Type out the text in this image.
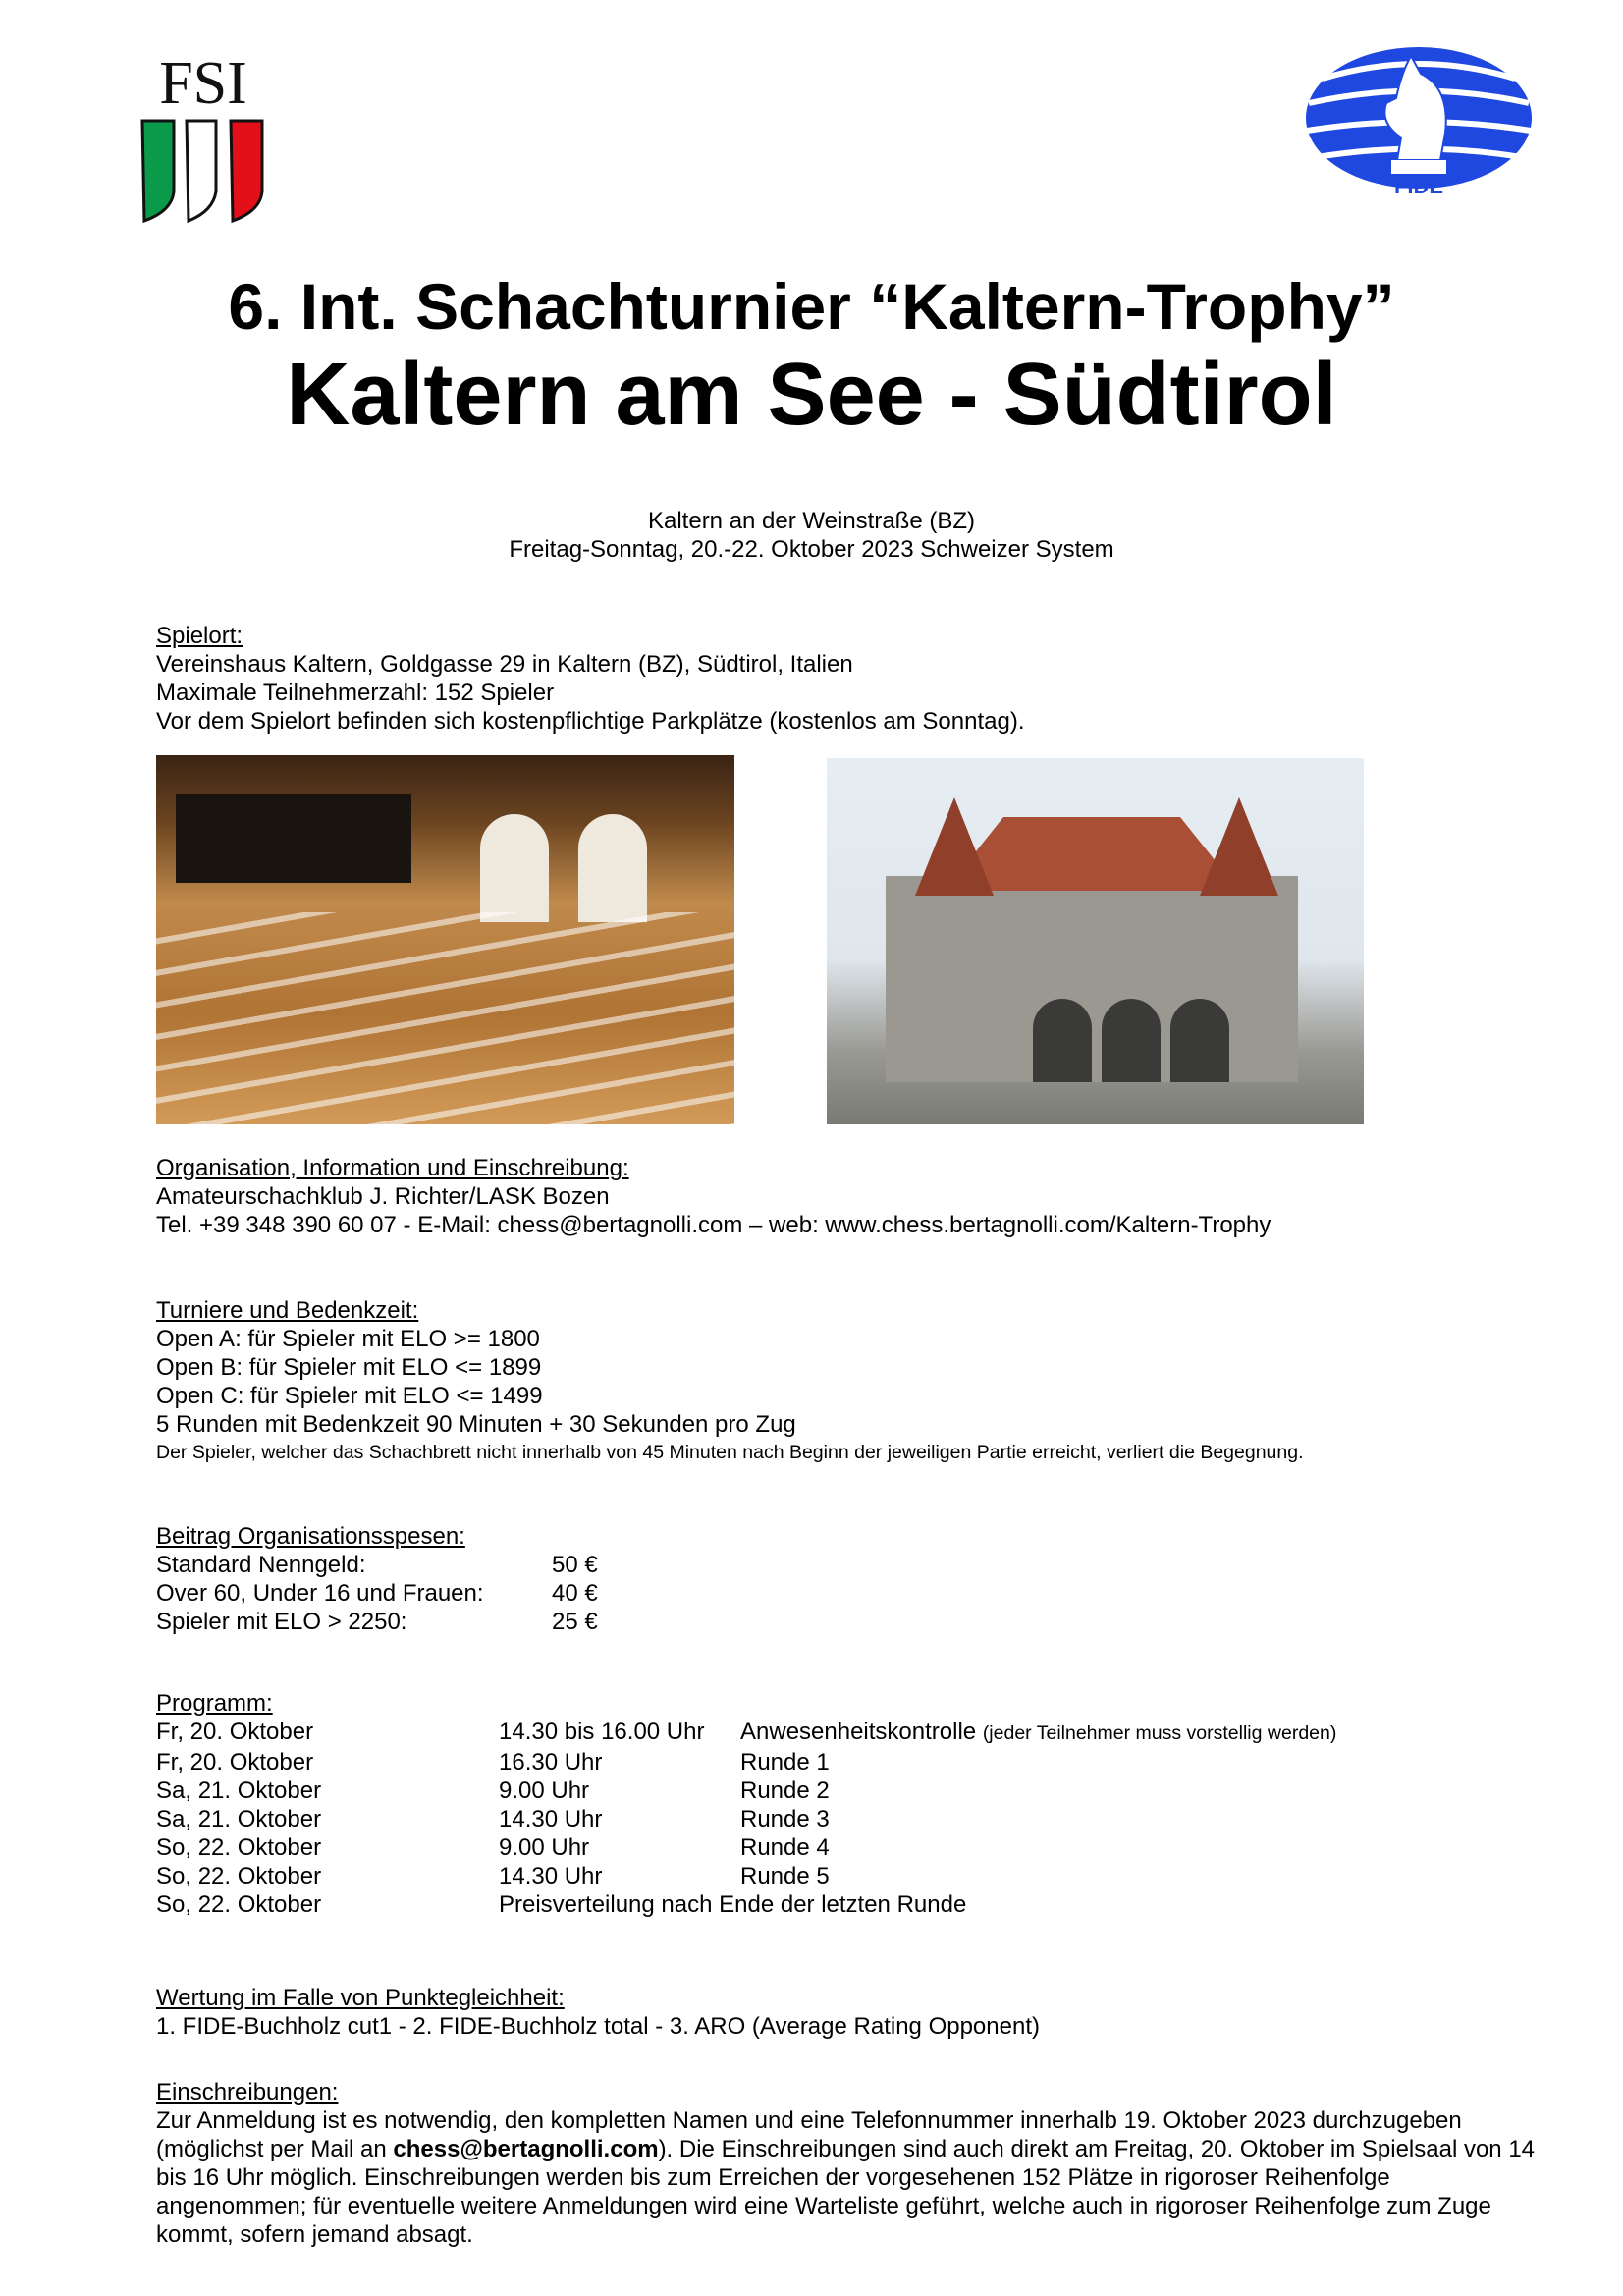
FSI
FIDE
6. Int. Schachturnier “Kaltern-Trophy”
Kaltern am See - Südtirol
Kaltern an der Weinstraße (BZ)
Freitag-Sonntag, 20.-22. Oktober 2023 Schweizer System
Spielort:
Vereinshaus Kaltern, Goldgasse 29 in Kaltern (BZ), Südtirol, Italien
Maximale Teilnehmerzahl: 152 Spieler
Vor dem Spielort befinden sich kostenpflichtige Parkplätze (kostenlos am Sonntag).
Organisation, Information und Einschreibung:
Amateurschachklub J. Richter/LASK Bozen
Tel. +39 348 390 60 07 - E-Mail: chess@bertagnolli.com – web: www.chess.bertagnolli.com/Kaltern-Trophy
Turniere und Bedenkzeit:
Open A: für Spieler mit ELO >= 1800
Open B: für Spieler mit ELO <= 1899
Open C: für Spieler mit ELO <= 1499
5 Runden mit Bedenkzeit 90 Minuten + 30 Sekunden pro Zug
Der Spieler, welcher das Schachbrett nicht innerhalb von 45 Minuten nach Beginn der jeweiligen Partie erreicht, verliert die Begegnung.
Beitrag Organisationsspesen:
Standard Nenngeld:	50 €
Over 60, Under 16 und Frauen:	40 €
Spieler mit ELO > 2250:	25 €
Programm:
Fr, 20. Oktober	14.30 bis 16.00 Uhr	Anwesenheitskontrolle (jeder Teilnehmer muss vorstellig werden)
Fr, 20. Oktober	16.30 Uhr	Runde 1
Sa, 21. Oktober	9.00 Uhr	Runde 2
Sa, 21. Oktober	14.30 Uhr	Runde 3
So, 22. Oktober	9.00 Uhr	Runde 4
So, 22. Oktober	14.30 Uhr	Runde 5
So, 22. Oktober	Preisverteilung nach Ende der letzten Runde
Wertung im Falle von Punktegleichheit:
1. FIDE-Buchholz cut1 - 2. FIDE-Buchholz total - 3. ARO (Average Rating Opponent)
Einschreibungen:
Zur Anmeldung ist es notwendig, den kompletten Namen und eine Telefonnummer innerhalb 19. Oktober 2023 durchzugeben (möglichst per Mail an chess@bertagnolli.com). Die Einschreibungen sind auch direkt am Freitag, 20. Oktober im Spielsaal von 14 bis 16 Uhr möglich. Einschreibungen werden bis zum Erreichen der vorgesehenen 152 Plätze in rigoroser Reihenfolge angenommen; für eventuelle weitere Anmeldungen wird eine Warteliste geführt, welche auch in rigoroser Reihenfolge zum Zuge kommt, sofern jemand absagt.
